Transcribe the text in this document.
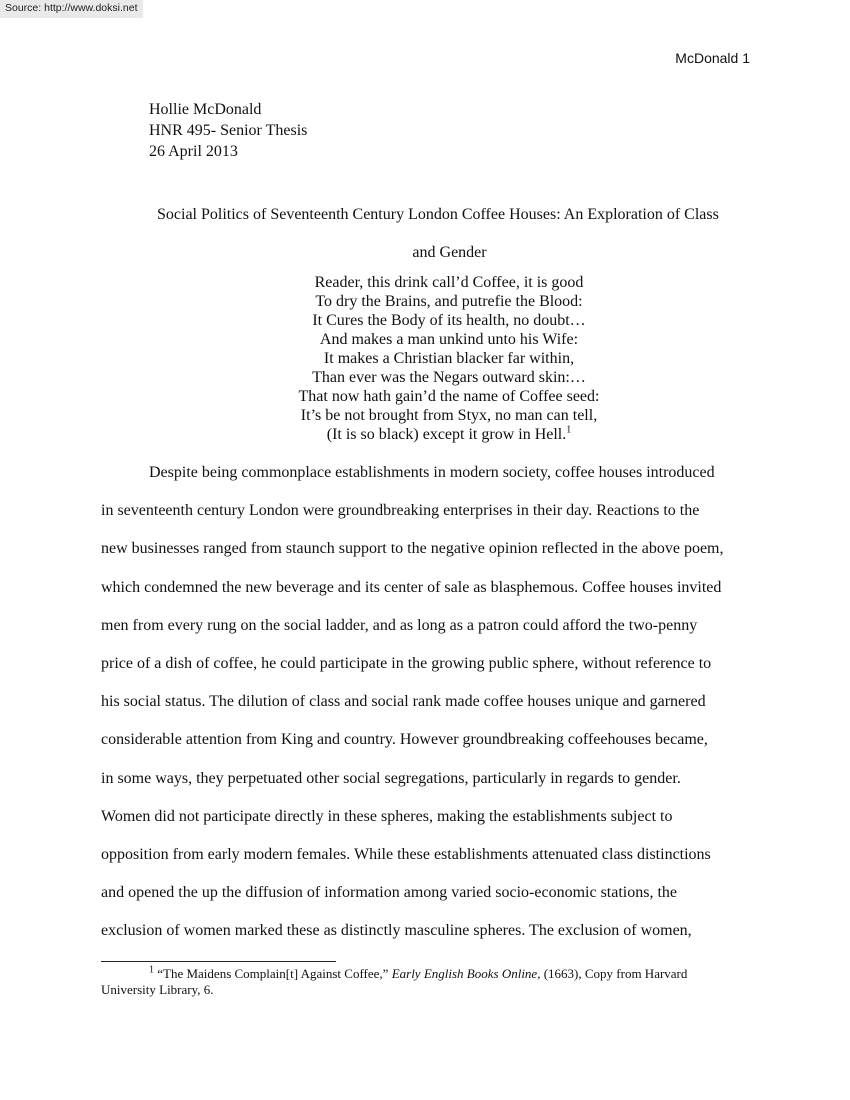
Source: http://www.doksi.net
McDonald 1
Hollie McDonald
HNR 495- Senior Thesis
26 April 2013
Social Politics of Seventeenth Century London Coffee Houses: An Exploration of Class
and Gender
Reader, this drink call’d Coffee, it is good
To dry the Brains, and putrefie the Blood:
It Cures the Body of its health, no doubt…
And makes a man unkind unto his Wife:
It makes a Christian blacker far within,
Than ever was the Negars outward skin:…
That now hath gain’d the name of Coffee seed:
It’s be not brought from Styx, no man can tell,
(It is so black) except it grow in Hell.$^1$
Despite being commonplace establishments in modern society, coffee houses introduced
in seventeenth century London were groundbreaking enterprises in their day. Reactions to the
new businesses ranged from staunch support to the negative opinion reflected in the above poem,
which condemned the new beverage and its center of sale as blasphemous. Coffee houses invited
men from every rung on the social ladder, and as long as a patron could afford the two-penny
price of a dish of coffee, he could participate in the growing public sphere, without reference to
his social status. The dilution of class and social rank made coffee houses unique and garnered
considerable attention from King and country. However groundbreaking coffeehouses became,
in some ways, they perpetuated other social segregations, particularly in regards to gender.
Women did not participate directly in these spheres, making the establishments subject to
opposition from early modern females. While these establishments attenuated class distinctions
and opened the up the diffusion of information among varied socio-economic stations, the
exclusion of women marked these as distinctly masculine spheres. The exclusion of women,
$^1$ “The Maidens Complain[t] Against Coffee,” Early English Books Online, (1663), Copy from Harvard
University Library, 6.
